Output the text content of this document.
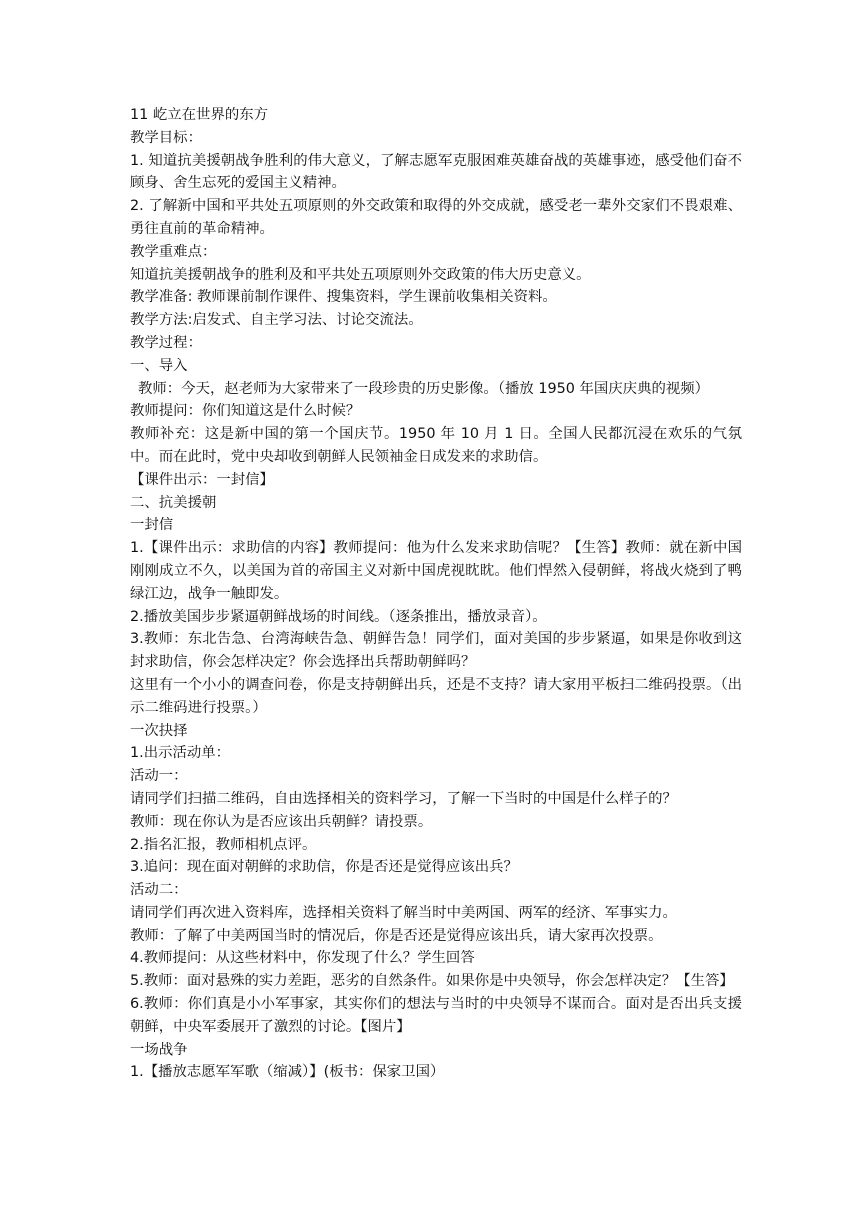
11 屹立在世界的东方
教学目标：
1. 知道抗美援朝战争胜利的伟大意义，了解志愿军克服困难英雄奋战的英雄事迹，感受他们奋不顾身、舍生忘死的爱国主义精神。
2. 了解新中国和平共处五项原则的外交政策和取得的外交成就，感受老一辈外交家们不畏艰难、勇往直前的革命精神。
教学重难点：
知道抗美援朝战争的胜利及和平共处五项原则外交政策的伟大历史意义。
教学准备: 教师课前制作课件、搜集资料，学生课前收集相关资料。
教学方法:启发式、自主学习法、讨论交流法。
教学过程：
一、导入
教师：今天，赵老师为大家带来了一段珍贵的历史影像。（播放 1950 年国庆庆典的视频）
教师提问：你们知道这是什么时候？
教师补充：这是新中国的第一个国庆节。1950 年 10 月 1 日。全国人民都沉浸在欢乐的气氛中。而在此时，党中央却收到朝鲜人民领袖金日成发来的求助信。
【课件出示：一封信】
二、抗美援朝
一封信
1.【课件出示：求助信的内容】教师提问：他为什么发来求助信呢？【生答】教师：就在新中国刚刚成立不久，以美国为首的帝国主义对新中国虎视眈眈。他们悍然入侵朝鲜，将战火烧到了鸭绿江边，战争一触即发。
2.播放美国步步紧逼朝鲜战场的时间线。（逐条推出，播放录音）。
3.教师：东北告急、台湾海峡告急、朝鲜告急！同学们，面对美国的步步紧逼，如果是你收到这封求助信，你会怎样决定？你会选择出兵帮助朝鲜吗？
这里有一个小小的调查问卷，你是支持朝鲜出兵，还是不支持？请大家用平板扫二维码投票。（出示二维码进行投票。）
一次抉择
1.出示活动单：
活动一：
请同学们扫描二维码，自由选择相关的资料学习，了解一下当时的中国是什么样子的？
教师：现在你认为是否应该出兵朝鲜？请投票。
2.指名汇报，教师相机点评。
3.追问：现在面对朝鲜的求助信，你是否还是觉得应该出兵？
活动二：
请同学们再次进入资料库，选择相关资料了解当时中美两国、两军的经济、军事实力。
教师：了解了中美两国当时的情况后，你是否还是觉得应该出兵，请大家再次投票。
4.教师提问：从这些材料中，你发现了什么？学生回答
5.教师：面对悬殊的实力差距，恶劣的自然条件。如果你是中央领导，你会怎样决定？【生答】
6.教师：你们真是小小军事家，其实你们的想法与当时的中央领导不谋而合。面对是否出兵支援朝鲜，中央军委展开了激烈的讨论。【图片】
一场战争
1.【播放志愿军军歌（缩减）】(板书：保家卫国）
